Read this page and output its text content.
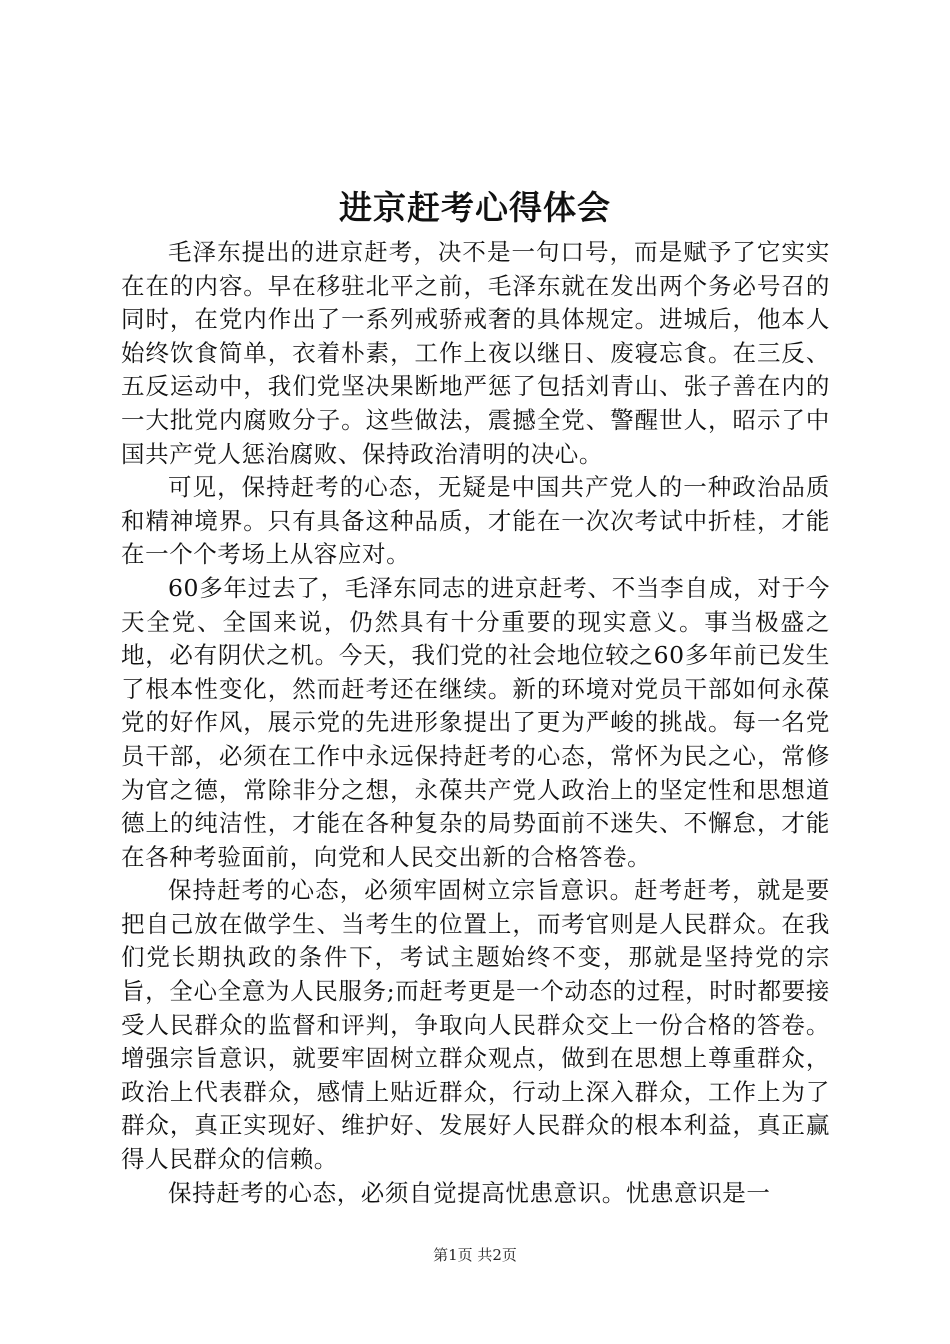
进京赶考心得体会

毛泽东提出的进京赶考，决不是一句口号，而是赋予了它实实在在的内容。早在移驻北平之前，毛泽东就在发出两个务必号召的同时，在党内作出了一系列戒骄戒奢的具体规定。进城后，他本人始终饮食简单，衣着朴素，工作上夜以继日、废寝忘食。在三反、五反运动中，我们党坚决果断地严惩了包括刘青山、张子善在内的一大批党内腐败分子。这些做法，震撼全党、警醒世人，昭示了中国共产党人惩治腐败、保持政治清明的决心。

可见，保持赶考的心态，无疑是中国共产党人的一种政治品质和精神境界。只有具备这种品质，才能在一次次考试中折桂，才能在一个个考场上从容应对。

60多年过去了，毛泽东同志的进京赶考、不当李自成，对于今天全党、全国来说，仍然具有十分重要的现实意义。事当极盛之地，必有阴伏之机。今天，我们党的社会地位较之60多年前已发生了根本性变化，然而赶考还在继续。新的环境对党员干部如何永葆党的好作风，展示党的先进形象提出了更为严峻的挑战。每一名党员干部，必须在工作中永远保持赶考的心态，常怀为民之心，常修为官之德，常除非分之想，永葆共产党人政治上的坚定性和思想道德上的纯洁性，才能在各种复杂的局势面前不迷失、不懈怠，才能在各种考验面前，向党和人民交出新的合格答卷。

保持赶考的心态，必须牢固树立宗旨意识。赶考赶考，就是要把自己放在做学生、当考生的位置上，而考官则是人民群众。在我们党长期执政的条件下，考试主题始终不变，那就是坚持党的宗旨，全心全意为人民服务;而赶考更是一个动态的过程，时时都要接受人民群众的监督和评判，争取向人民群众交上一份合格的答卷。增强宗旨意识，就要牢固树立群众观点，做到在思想上尊重群众，政治上代表群众，感情上贴近群众，行动上深入群众，工作上为了群众，真正实现好、维护好、发展好人民群众的根本利益，真正赢得人民群众的信赖。

保持赶考的心态，必须自觉提高忧患意识。忧患意识是一

第1页 共2页
